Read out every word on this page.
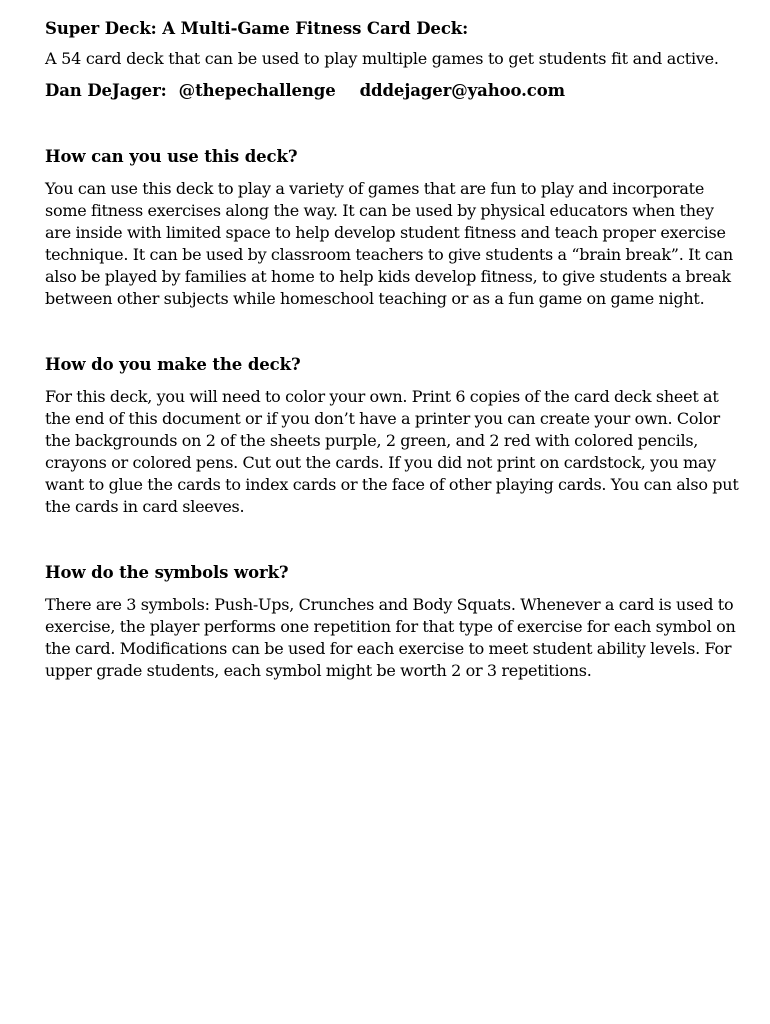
Super Deck: A Multi-Game Fitness Card Deck:

A 54 card deck that can be used to play multiple games to get students fit and active.

Dan DeJager: @thepechallenge dddejager@yahoo.com

How can you use this deck?

You can use this deck to play a variety of games that are fun to play and incorporate
some fitness exercises along the way. It can be used by physical educators when they
are inside with limited space to help develop student fitness and teach proper exercise
technique. It can be used by classroom teachers to give students a “brain break”. It can
also be played by families at home to help kids develop fitness, to give students a break
between other subjects while homeschool teaching or as a fun game on game night.

How do you make the deck?

For this deck, you will need to color your own. Print 6 copies of the card deck sheet at
the end of this document or if you don’t have a printer you can create your own. Color
the backgrounds on 2 of the sheets purple, 2 green, and 2 red with colored pencils,
crayons or colored pens. Cut out the cards. If you did not print on cardstock, you may
want to glue the cards to index cards or the face of other playing cards. You can also put
the cards in card sleeves.

How do the symbols work?

There are 3 symbols: Push-Ups, Crunches and Body Squats. Whenever a card is used to
exercise, the player performs one repetition for that type of exercise for each symbol on
the card. Modifications can be used for each exercise to meet student ability levels. For
upper grade students, each symbol might be worth 2 or 3 repetitions.
